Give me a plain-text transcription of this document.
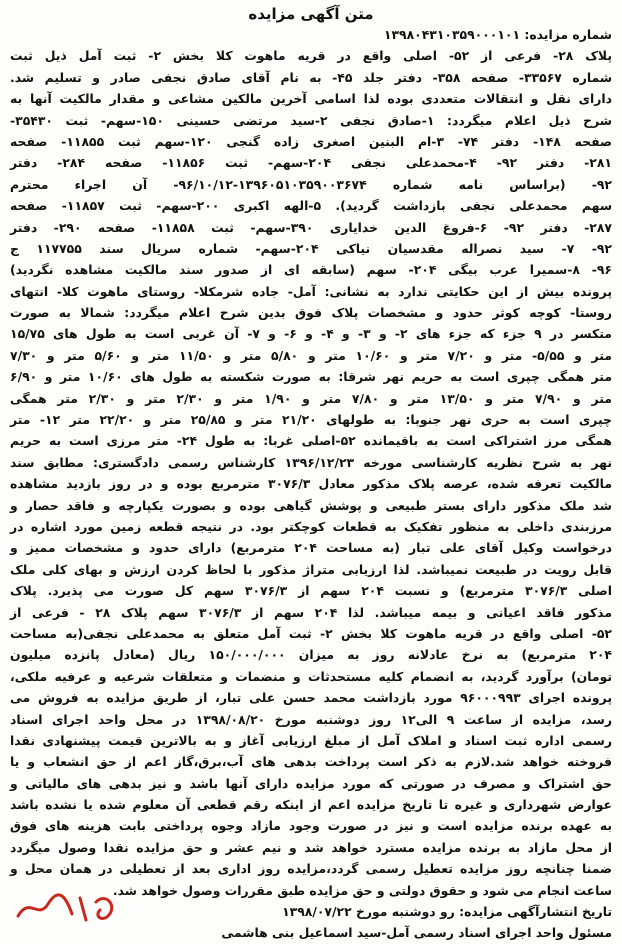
متن آگهی مزایده
شماره مزایده: ۱۳۹۸۰۴۳۱۰۳۵۹۰۰۰۱۰۱
پلاک ۲۸- فرعی از ۵۲- اصلی واقع در قریه ماهوت کلا بخش ۲- ثبت آمل ذیل ثبت
شماره ۳۳۵۶۷- صفحه ۳۵۸- دفتر جلد ۴۵- به نام آقای صادق نجفی صادر و تسلیم شد.
دارای نقل و انتقالات متعددی بوده لذا اسامی آخرین مالکین مشاعی و مقدار مالکیت آنها به
شرح ذیل اعلام میگردد: ۱-صادق نجفی ۲-سید مرتضی حسینی ۱۵۰-سهم- ثبت ۳۵۴۳۰-
صفحه ۱۴۸- دفتر ۷۴- ۳-ام البنین اصغری زاده گنجی ۱۲۰-سهم ثبت ۱۱۸۵۵- صفحه
۲۸۱- دفتر ۹۲- ۴-محمدعلی نجفی ۲۰۴-سهم- ثبت ۱۱۸۵۶- صفحه ۲۸۴- دفتر
۹۲- (براساس نامه شماره ۱۳۹۶۰۵۱۰۳۵۹۰۰۳۶۷۴-۹۶/۱۰/۱۲- آن اجراء محترم
سهم محمدعلی نجفی بازداشت گردید). ۵-الهه اکبری ۲۰۰-سهم- ثبت ۱۱۸۵۷- صفحه
۲۸۷- دفتر ۹۲- ۶-فروغ الدین خدایاری ۳۹۰-سهم- ثبت ۱۱۸۵۸- صفحه ۲۹۰- دفتر
۹۲- ۷- سید نصراله مقدسیان نیاکی ۲۰۴-سهم- شماره سریال سند ۱۱۷۷۵۵ ج
۹۶- ۸-سمیرا عرب بیگی ۲۰۴- سهم (سابقه ای از صدور سند مالکیت مشاهده نگردید)
پرونده بیش از این حکایتی ندارد به نشانی: آمل- جاده شرمکلا- روستای ماهوت کلا- انتهای
روستا- کوچه کوثر حدود و مشخصات پلاک فوق بدین شرح اعلام میگردد: شمالا به صورت
متکسر در ۹ جزء که جزء های ۲- و ۳- و ۴- و ۶- و ۷- آن غربی است به طول های ۱۵/۷۵
متر و ۵/۵۵- متر و ۷/۲۰ متر و ۱۰/۶۰ متر و ۵/۸۰ متر و ۱۱/۵۰ متر و ۵/۶۰ متر و ۷/۳۰
متر همگی چپری است به حریم نهر شرقا: به صورت شکسته به طول های ۱۰/۶۰ متر و ۶/۹۰
متر و ۷/۹۰ متر و ۱۳/۵۰ متر و ۷/۸۰ متر و ۱/۹۰ متر و ۲/۳۰ متر و ۲/۳۰ متر همگی
چپری است به حری نهر جنوبا: به طولهای ۲۱/۲۰ متر و ۲۵/۸۵ متر و ۲۲/۲۰ متر ۱۲- متر
همگی مرز اشتراکی است به باقیمانده ۵۲-اصلی غربا: به طول ۲۴- متر مرزی است به حریم
نهر به شرح نظریه کارشناسی مورخه ۱۳۹۶/۱۲/۲۳ کارشناس رسمی دادگستری: مطابق سند
مالکیت تعرفه شده، عرصه پلاک مذکور معادل ۳۰۷۶/۳ مترمربع بوده و در روز بازدید مشاهده
شد ملک مذکور دارای بستر طبیعی و پوشش گیاهی بوده و بصورت یکپارچه و فاقد حصار و
مرزبندی داخلی به منظور تفکیک به قطعات کوچکتر بود. در نتیجه قطعه زمین مورد اشاره در
درخواست وکیل آقای علی تبار (به مساحت ۲۰۴ مترمربع) دارای حدود و مشخصات ممیز و
قابل رویت در طبیعت نمیباشد. لذا ارزیابی متراژ مذکور با لحاظ کردن ارزش و بهای کلی ملک
اصلی ۳۰۷۶/۳ مترمربع) و نسبت ۲۰۴ سهم از ۳۰۷۶/۳ سهم کل صورت می پذیرد. پلاک
مذکور فاقد اعیانی و بیمه میباشد. لذا ۲۰۴ سهم از ۳۰۷۶/۳ سهم پلاک ۲۸ - فرعی از
۵۲- اصلی واقع در قریه ماهوت کلا بخش ۲- ثبت آمل متعلق به محمدعلی نجفی(به مساحت
۲۰۴ مترمربع) به نرخ عادلانه روز به میزان ۱۵۰/۰۰۰/۰۰۰ ریال (معادل پانزده میلیون
تومان) برآورد گردید، به انضمام کلیه مستحدثات و منضمات و متعلقات شرعیه و عرفیه ملکی،
پرونده اجرای ۹۶۰۰۰۹۹۳ مورد بازداشت محمد حسن علی تبار، از طریق مزایده به فروش می
رسد، مزایده از ساعت ۹ الی۱۲ روز دوشنبه مورخ ۱۳۹۸/۰۸/۲۰ در محل واحد اجرای اسناد
رسمی اداره ثبت اسناد و املاک آمل از مبلغ ارزیابی آغاز و به بالاترین قیمت پیشنهادی نقدا
فروخته خواهد شد.لازم به ذکر است پرداخت بدهی های آب،برق،گاز اعم از حق انشعاب و یا
حق اشتراک و مصرف در صورتی که مورد مزایده دارای آنها باشد و نیز بدهی های مالیاتی و
عوارض شهرداری و غیره تا تاریخ مزایده اعم از اینکه رقم قطعی آن معلوم شده یا نشده باشد
به عهده برنده مزایده است و نیز در صورت وجود مازاد وجوه پرداختی بابت هزینه های فوق
از محل مازاد به برنده مزایده مسترد خواهد شد و نیم عشر و حق مزایده نقدا وصول میگردد
ضمنا چنانچه روز مزایده تعطیل رسمی گردد،مزایده روز اداری بعد از تعطیلی در همان محل و
ساعت انجام می شود و حقوق دولتی و حق مزایده طبق مقررات وصول خواهد شد.
تاریخ انتشارآگهی مزایده: رو دوشنبه مورخ ۱۳۹۸/۰۷/۲۲
مسئول واحد اجرای اسناد رسمی آمل-سید اسماعیل بنی هاشمی
